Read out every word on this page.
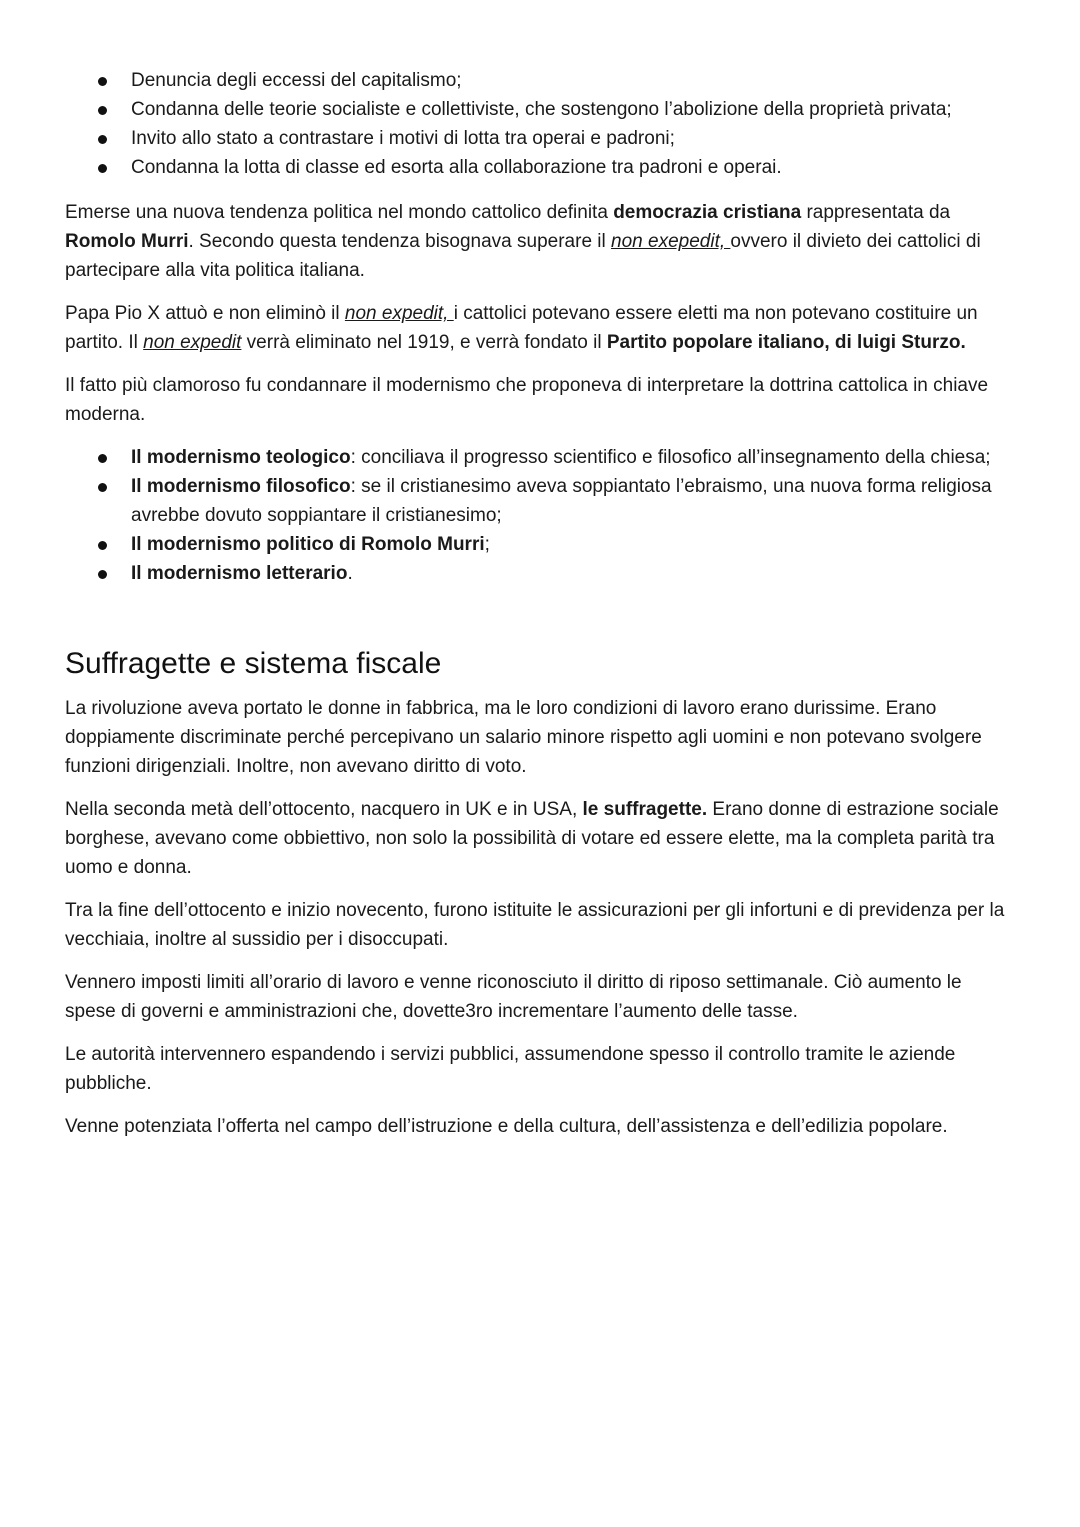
Denuncia degli eccessi del capitalismo;
Condanna delle teorie socialiste e collettiviste, che sostengono l’abolizione della proprietà privata;
Invito allo stato a contrastare i motivi di lotta tra operai e padroni;
Condanna la lotta di classe ed esorta alla collaborazione tra padroni e operai.

Emerse una nuova tendenza politica nel mondo cattolico definita democrazia cristiana rappresentata da Romolo Murri. Secondo questa tendenza bisognava superare il non exepedit, ovvero il divieto dei cattolici di partecipare alla vita politica italiana.

Papa Pio X attuò e non eliminò il non expedit, i cattolici potevano essere eletti ma non potevano costituire un partito. Il non expedit verrà eliminato nel 1919, e verrà fondato il Partito popolare italiano, di luigi Sturzo.

Il fatto più clamoroso fu condannare il modernismo che proponeva di interpretare la dottrina cattolica in chiave moderna.

Il modernismo teologico: conciliava il progresso scientifico e filosofico all’insegnamento della chiesa;
Il modernismo filosofico: se il cristianesimo aveva soppiantato l’ebraismo, una nuova forma religiosa avrebbe dovuto soppiantare il cristianesimo;
Il modernismo politico di Romolo Murri;
Il modernismo letterario.
Suffragette e sistema fiscale

La rivoluzione aveva portato le donne in fabbrica, ma le loro condizioni di lavoro erano durissime. Erano doppiamente discriminate perché percepivano un salario minore rispetto agli uomini e non potevano svolgere funzioni dirigenziali. Inoltre, non avevano diritto di voto.

Nella seconda metà dell’ottocento, nacquero in UK e in USA, le suffragette. Erano donne di estrazione sociale borghese, avevano come obbiettivo, non solo la possibilità di votare ed essere elette, ma la completa parità tra uomo e donna.

Tra la fine dell’ottocento e inizio novecento, furono istituite le assicurazioni per gli infortuni e di previdenza per la vecchiaia, inoltre al sussidio per i disoccupati.

Vennero imposti limiti all’orario di lavoro e venne riconosciuto il diritto di riposo settimanale. Ciò aumento le spese di governi e amministrazioni che, dovette3ro incrementare l’aumento delle tasse.

Le autorità intervennero espandendo i servizi pubblici, assumendone spesso il controllo tramite le aziende pubbliche.

Venne potenziata l’offerta nel campo dell’istruzione e della cultura, dell’assistenza e dell’edilizia popolare.
